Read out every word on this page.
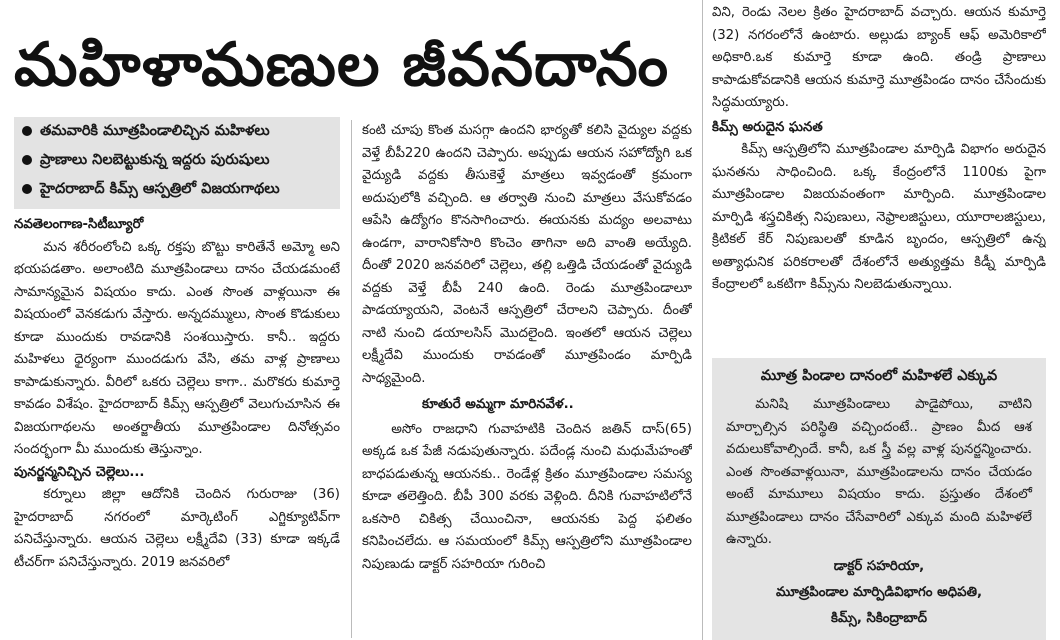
మహిళామణుల జీవనదానం
తమవారికి మూత్రపిండాలిచ్చిన మహిళలు
ప్రాణాలు నిలబెట్టుకున్న ఇద్దరు పురుషులు
హైదరాబాద్ కిమ్స్ ఆస్పత్రిలో విజయగాథలు
నవతెలంగాణ-సిటీబ్యూరో

మన శరీరంలోంచి ఒక్క రక్తపు బొట్టు కారితేనే అమ్మో అని భయపడతాం. అలాంటిది మూత్రపిండాలు దానం చేయడమంటే సామాన్యమైన విషయం కాదు. ఎంత సొంత వాళ్లయినా ఈ విషయంలో వెనకడుగు వేస్తారు. అన్నదమ్ములు, సొంత కొడుకులు కూడా ముందుకు రావడానికి సంశయిస్తారు. కానీ.. ఇద్దరు మహిళలు ధైర్యంగా ముందడుగు వేసి, తమ వాళ్ల ప్రాణాలు కాపాడుకున్నారు. వీరిలో ఒకరు చెల్లెలు కాగా.. మరొకరు కుమార్తె కావడం విశేషం. హైదరాబాద్ కిమ్స్ ఆస్పత్రిలో వెలుగుచూసిన ఈ విజయగాథలను అంతర్జాతీయ మూత్రపిండాల దినోత్సవం సందర్భంగా మీ ముందుకు తెస్తున్నాం.

పునర్జన్మనిచ్చిన చెల్లెలు...

కర్నూలు జిల్లా ఆదోనికి చెందిన గురురాజు (36) హైదరాబాద్ నగరంలో మార్కెటింగ్ ఎగ్జిక్యూటివ్‌గా పనిచేస్తున్నారు. ఆయన చెల్లెలు లక్ష్మీదేవి (33) కూడా ఇక్కడే టీచర్‌గా పనిచేస్తున్నారు. 2019 జనవరిలో

కంటి చూపు కొంత మసగ్గా ఉందని భార్యతో కలిసి వైద్యుల వద్దకు వెళ్తే బీపీ220 ఉందని చెప్పారు. అప్పుడు ఆయన సహోద్యోగి ఒక వైద్యుడి వద్దకు తీసుకెళ్తే మాత్రలు ఇవ్వడంతో క్రమంగా అదుపులోకి వచ్చింది. ఆ తర్వాతి నుంచి మాత్రలు వేసుకోవడం ఆపేసి ఉద్యోగం కొనసాగించారు. ఈయనకు మద్యం అలవాటు ఉండగా, వారానికోసారి కొంచెం తాగినా అది వాంతి అయ్యేది. దీంతో 2020 జనవరిలో చెల్లెలు, తల్లి ఒత్తిడి చేయడంతో వైద్యుడి వద్దకు వెళ్తే బీపీ 240 ఉంది. రెండు మూత్రపిండాలూ పాడయ్యాయని, వెంటనే ఆస్పత్రిలో చేరాలని చెప్పారు. దీంతో నాటి నుంచి డయాలసిస్ మొదలైంది. ఇంతలో ఆయన చెల్లెలు లక్ష్మీదేవి ముందుకు రావడంతో మూత్రపిండం మార్పిడి సాధ్యమైంది.

కూతురే అమ్మగా మారినవేళ..

అసోం రాజధాని గువాహటికి చెందిన జతిన్ దాస్(65) అక్కడ ఒక పేజీ నడుపుతున్నారు. పదేండ్ల నుంచి మధుమేహంతో బాధపడుతున్న ఆయనకు.. రెండేళ్ల క్రితం మూత్రపిండాల సమస్య కూడా తలెత్తింది. బీపీ 300 వరకు వెళ్లింది. దీనికి గువాహటిలోనే ఒకసారి చికిత్స చేయించినా, ఆయనకు పెద్ద ఫలితం కనిపించలేదు. ఆ సమయంలో కిమ్స్ ఆస్పత్రిలోని మూత్రపిండాల నిపుణుడు డాక్టర్ సహరియా గురించి

విని, రెండు నెలల క్రితం హైదరాబాద్ వచ్చారు. ఆయన కుమార్తె (32) నగరంలోనే ఉంటారు. అల్లుడు బ్యాంక్ ఆఫ్ అమెరికాలో అధికారి.ఒక కుమార్తె కూడా ఉంది. తండ్రి ప్రాణాలు కాపాడుకోవడానికి ఆయన కుమార్తె మూత్రపిండం దానం చేసేందుకు సిద్ధమయ్యారు.

కిమ్స్ అరుదైన ఘనత

కిమ్స్ ఆస్పత్రిలోని మూత్రపిండాల మార్పిడి విభాగం అరుదైన ఘనతను సాధించింది. ఒక్క కేంద్రంలోనే 1100కు పైగా మూత్రపిండాల విజయవంతంగా మార్పింది. మూత్రపిండాల మార్పిడి శస్త్రచికిత్స నిపుణులు, నెఫ్రాలజిస్టులు, యూరాలజిస్టులు, క్రిటికల్ కేర్ నిపుణులతో కూడిన బృందం, ఆస్పత్రిలో ఉన్న అత్యాధునిక పరికరాలతో దేశంలోనే అత్యుత్తమ కిడ్నీ మార్పిడి కేంద్రాలలో ఒకటిగా కిమ్స్‌ను నిలబెడుతున్నాయి.

మూత్ర పిండాల దానంలో మహిళలే ఎక్కువ

మనిషి మూత్రపిండాలు పాడైపోయి, వాటిని మార్చాల్సిన పరిస్థితి వచ్చిందంటే.. ప్రాణం మీద ఆశ వదులుకోవాల్సిందే. కానీ, ఒక స్త్రీ వల్ల వాళ్ల పునర్జన్మించారు. ఎంత సొంతవాళ్లయినా, మూత్రపిండాలను దానం చేయడం అంటే మామూలు విషయం కాదు. ప్రస్తుతం దేశంలో మూత్రపిండాలు దానం చేసేవారిలో ఎక్కువ మంది మహిళలే ఉన్నారు.

డాక్టర్ సహరియా,
మూత్రపిండాల మార్పిడివిభాగం అధిపతి,
కిమ్స్, సికింద్రాబాద్
